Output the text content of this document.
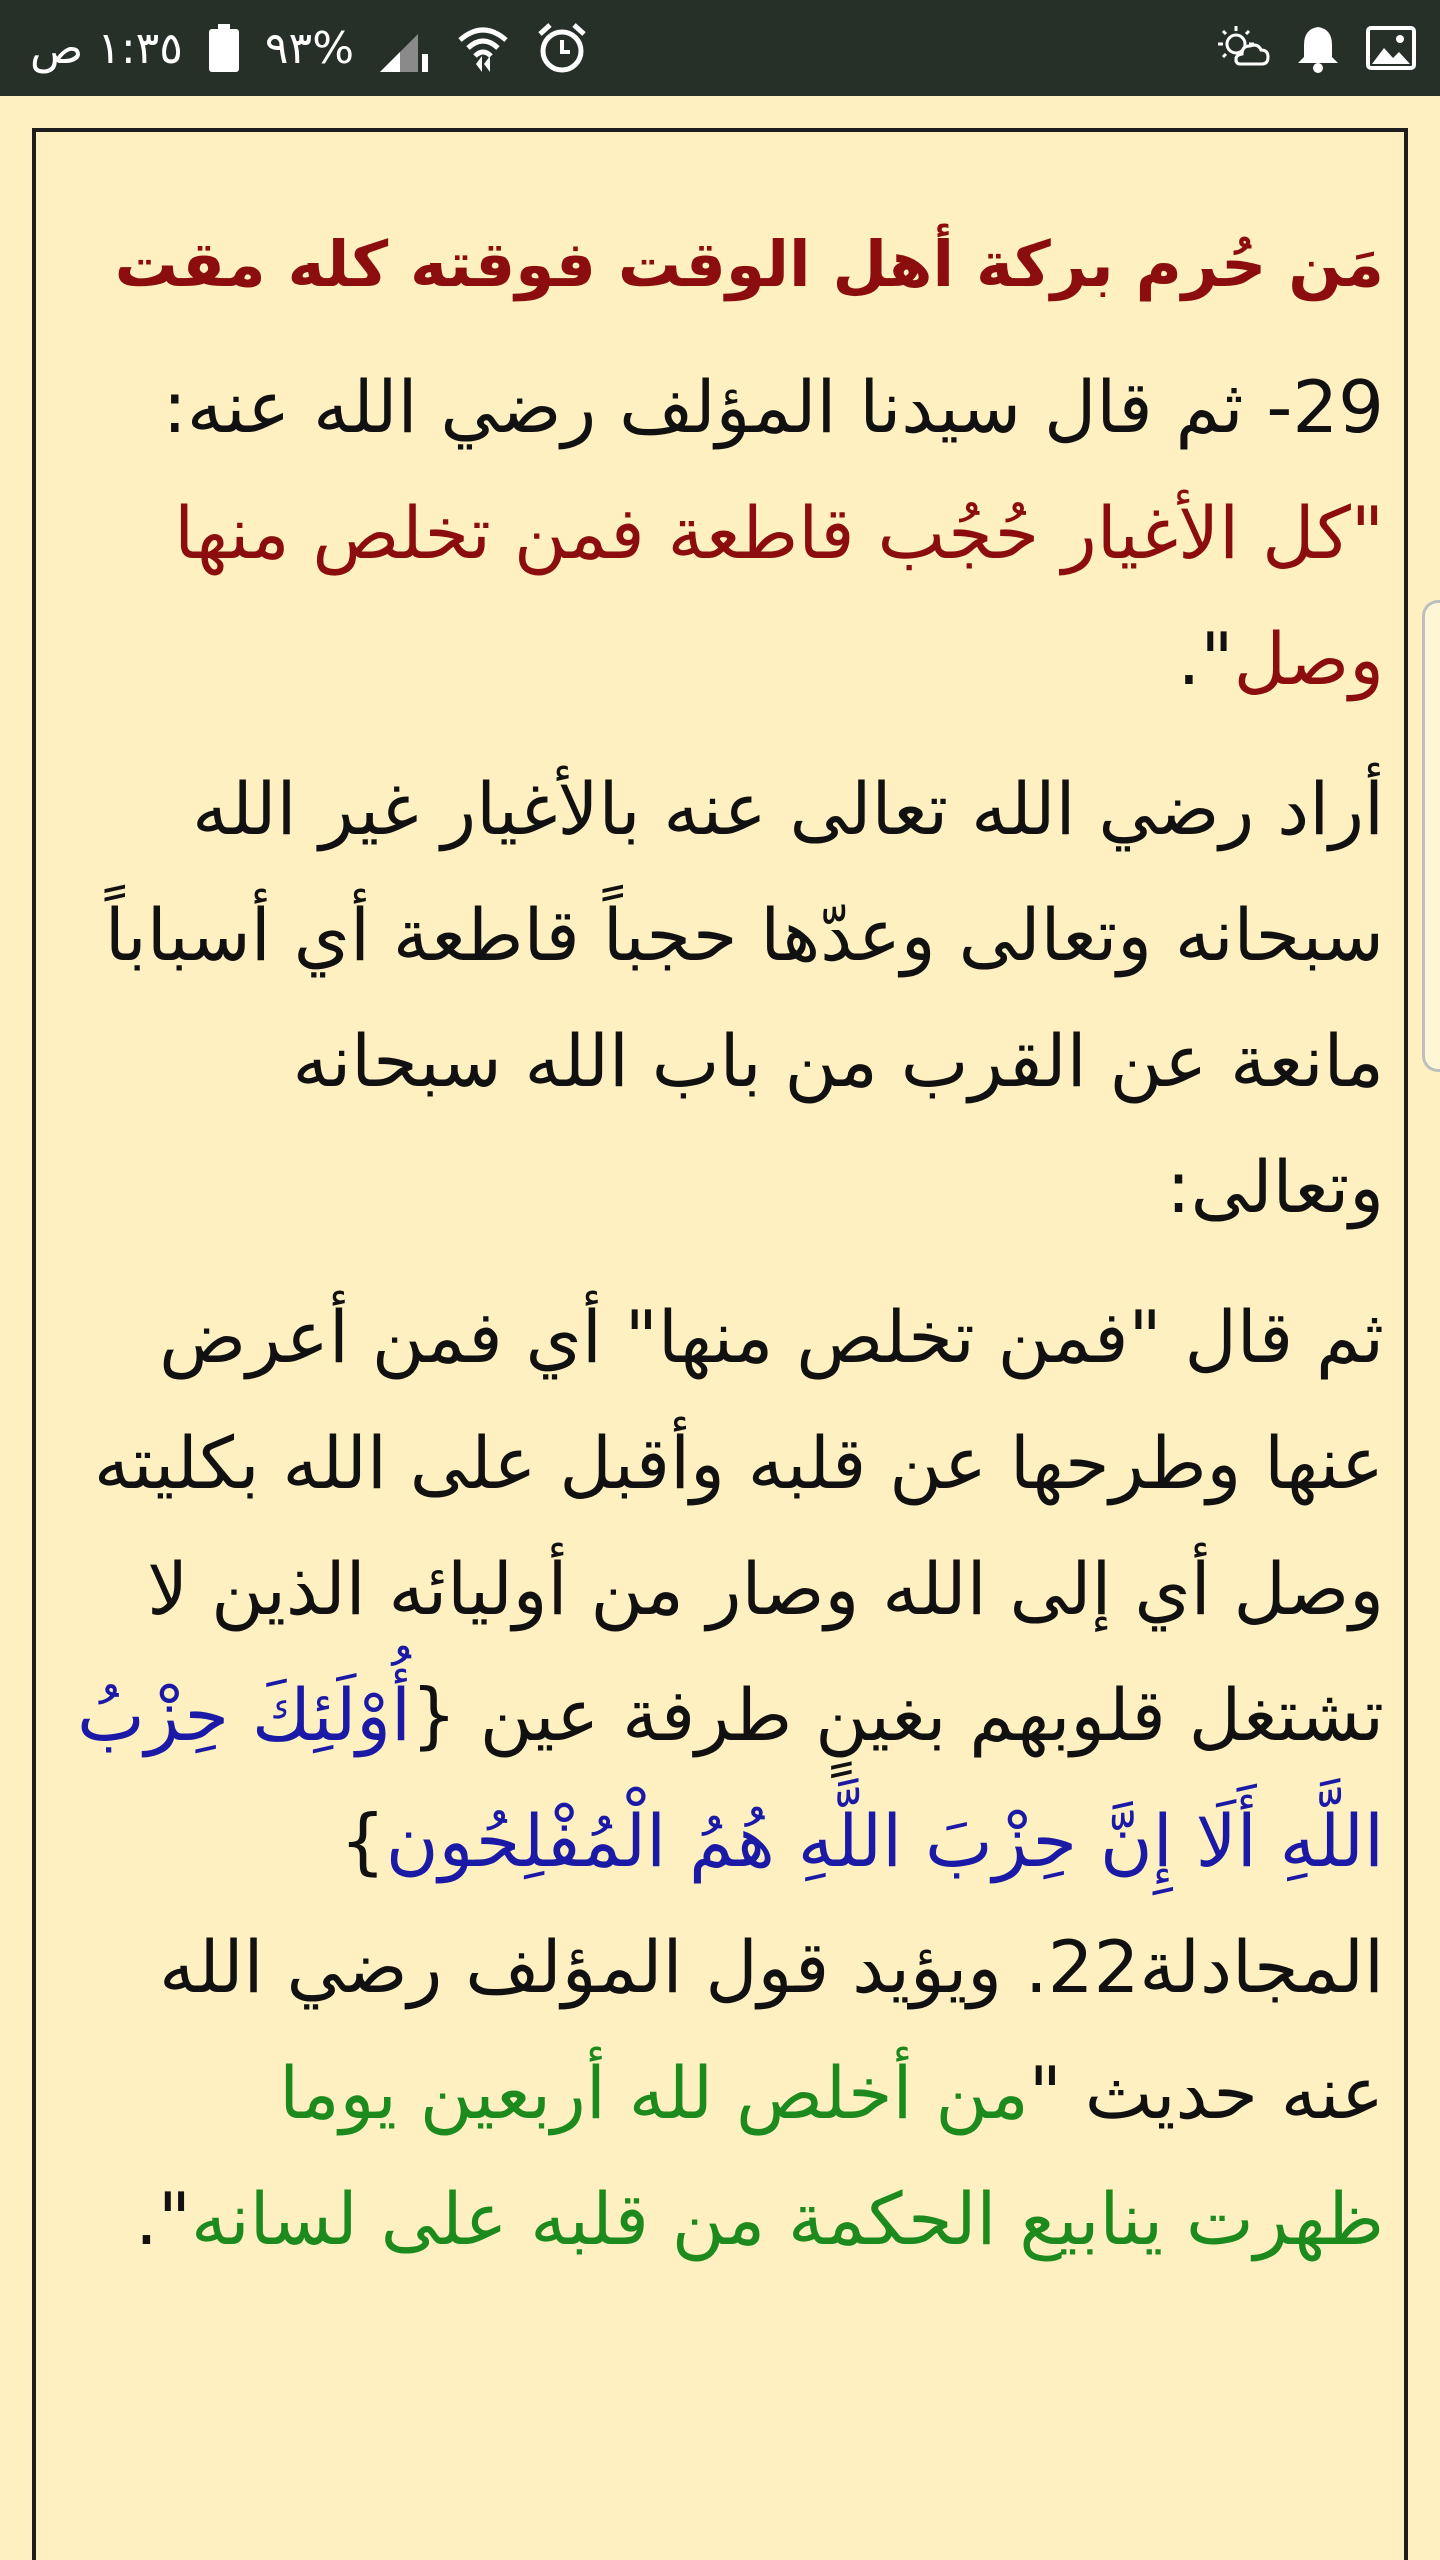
١:٣٥ ص %٩٣
مَن حُرم بركة أهل الوقت فوقته كله مقت

29- ثم قال سيدنا المؤلف رضي الله عنه: "كل الأغيار حُجُب قاطعة فمن تخلص منها وصل".

أراد رضي الله تعالى عنه بالأغيار غير الله سبحانه وتعالى وعدّها حجباً قاطعة أي أسباباً مانعة عن القرب من باب الله سبحانه وتعالى:

ثم قال "فمن تخلص منها" أي فمن أعرض عنها وطرحها عن قلبه وأقبل على الله بكليته وصل أي إلى الله وصار من أوليائه الذين لا تشتغل قلوبهم بغينٍ طرفة عين {أُوْلَئِكَ حِزْبُ اللَّهِ أَلَا إِنَّ حِزْبَ اللَّهِ هُمُ الْمُفْلِحُون} المجادلة22. ويؤيد قول المؤلف رضي الله عنه حديث "من أخلص لله أربعين يوما ظهرت ينابيع الحكمة من قلبه على لسانه".
